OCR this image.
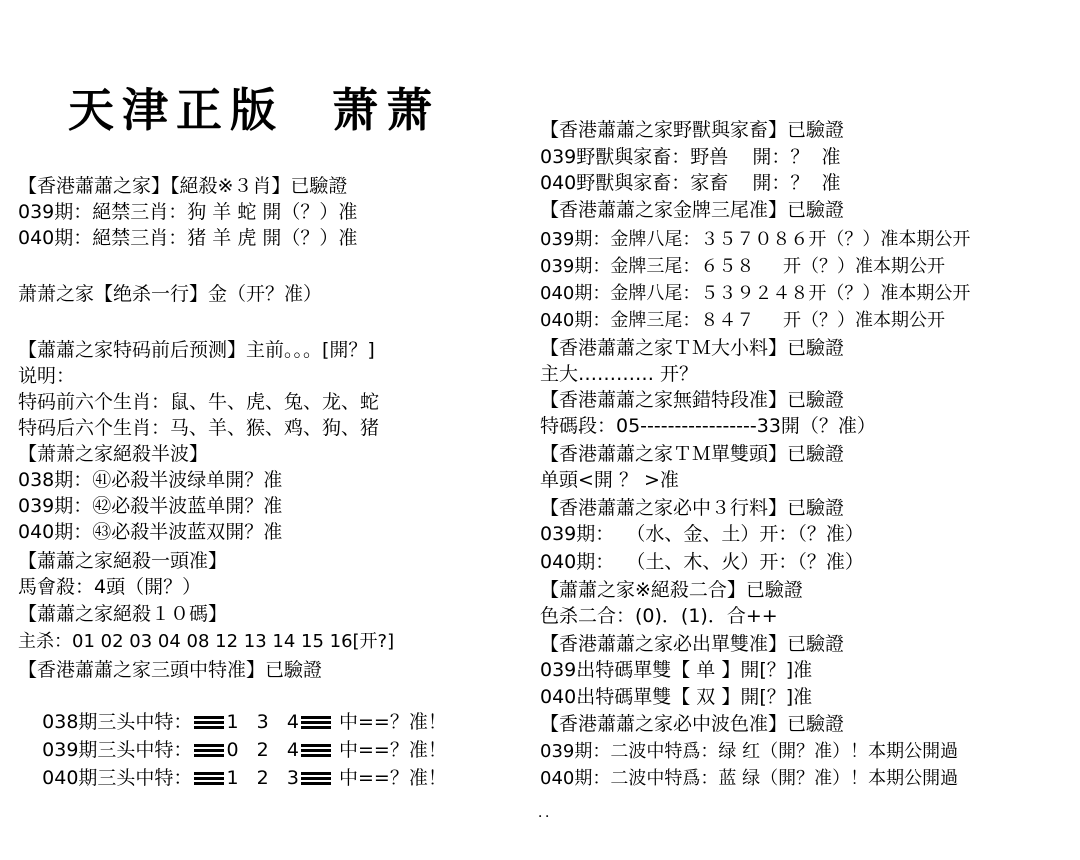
天津正版  萧萧
【香港蕭蕭之家】【絕殺※３肖】已驗證
039期：絕禁三肖：狗 羊 蛇 開（？）准
040期：絕禁三肖：猪 羊 虎 開（？）准
萧萧之家【绝杀一行】金（开？准）
【蕭蕭之家特码前后预测】主前。。。[開？]
说明：
特码前六个生肖：鼠、牛、虎、兔、龙、蛇
特码后六个生肖：马、羊、猴、鸡、狗、猪
【萧萧之家絕殺半波】
038期：㊶必殺半波绿单開？准
039期：㊷必殺半波蓝单開？准
040期：㊸必殺半波蓝双開？准
【蕭蕭之家絕殺一頭准】
馬會殺：4頭（開？）
【蕭蕭之家絕殺１０碼】
主杀：01 02 03 04 08 12 13 14 15 16[开?]
【香港蕭蕭之家三頭中特准】已驗證

038期三头中特： 1   3   4 中==？准！

039期三头中特： 0   2   4 中==？准！

040期三头中特： 1   2   3 中==？准！

【香港蕭蕭之家野獸與家畜】已驗證
039野獸與家畜：野兽    開：？  准
040野獸與家畜：家畜    開：？  准
【香港蕭蕭之家金牌三尾准】已驗證
039期：金牌八尾：３５７０８６开（？）准本期公开
039期：金牌三尾：６５８     开（？）准本期公开
040期：金牌八尾：５３９２４８开（？）准本期公开
040期：金牌三尾：８４７     开（？）准本期公开
【香港蕭蕭之家ＴＭ大小料】已驗證
主大………… 开？
【香港蕭蕭之家無錯特段准】已驗證
特碼段：05-----------------33開（？准）
【香港蕭蕭之家ＴＭ單雙頭】已驗證
单頭<開 ？ >准
【香港蕭蕭之家必中３行料】已驗證
039期：  （水、金、土）开：（？准）
040期：  （土、木、火）开：（？准）
【蕭蕭之家※絕殺二合】已驗證
色杀二合：(0)．(1)．合++
【香港蕭蕭之家必出單雙准】已驗證
039出特碼單雙【 单 】開[？]准
040出特碼單雙【 双 】開[？]准
【香港蕭蕭之家必中波色准】已驗證
039期：二波中特爲：绿 红（開？准）！本期公開過
040期：二波中特爲：蓝 绿（開？准）！本期公開過
．．
